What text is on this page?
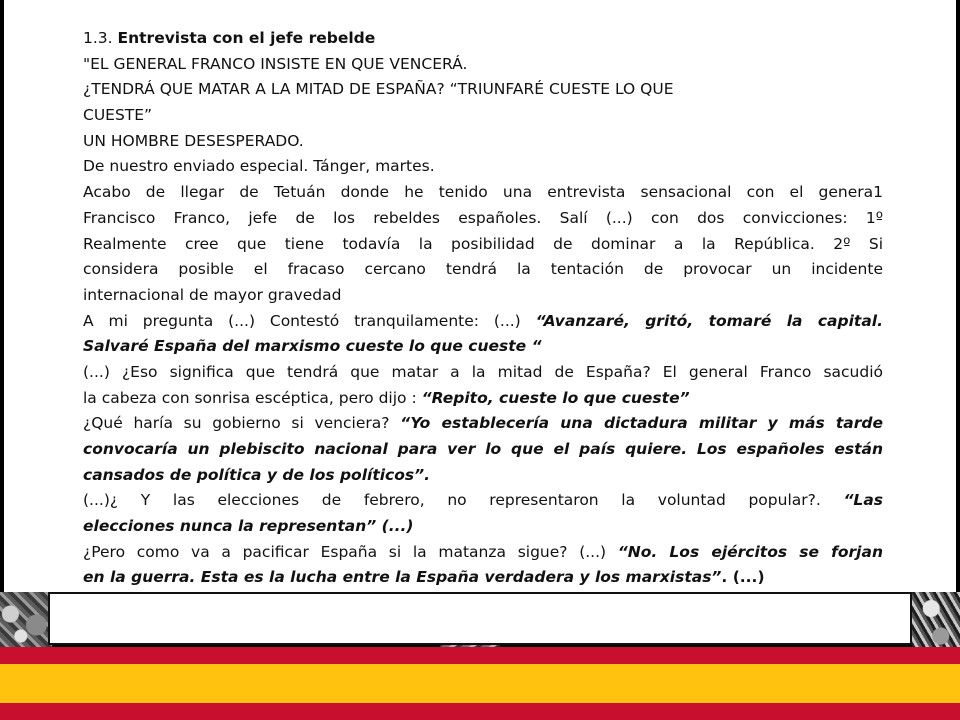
1.3. Entrevista con el jefe rebelde
"EL GENERAL FRANCO INSISTE EN QUE VENCERÁ.
¿TENDRÁ QUE MATAR A LA MITAD DE ESPAÑA? “TRIUNFARÉ CUESTE LO QUE
CUESTE”
UN HOMBRE DESESPERADO.
De nuestro enviado especial. Tánger, martes.
Acabo de llegar de Tetuán donde he tenido una entrevista sensacional con el genera1
Francisco Franco, jefe de los rebeldes españoles. Salí (...) con dos convicciones: 1º
Realmente cree que tiene todavía la posibilidad de dominar a la República. 2º Si
considera posible el fracaso cercano tendrá la tentación de provocar un incidente
internacional de mayor gravedad
A mi pregunta (...) Contestó tranquilamente: (...) “Avanzaré, gritó, tomaré la capital.
Salvaré España del marxismo cueste lo que cueste “
(...) ¿Eso significa que tendrá que matar a la mitad de España? El general Franco sacudió
la cabeza con sonrisa escéptica, pero dijo : “Repito, cueste lo que cueste”
¿Qué haría su gobierno si venciera? “Yo establecería una dictadura militar y más tarde
convocaría un plebiscito nacional para ver lo que el país quiere. Los españoles están
cansados de política y de los políticos”.
(...)¿ Y las elecciones de febrero, no representaron la voluntad popular?. “Las
elecciones nunca la representan” (...)
¿Pero como va a pacificar España si la matanza sigue? (...) “No. Los ejércitos se forjan
en la guerra. Esta es la lucha entre la España verdadera y los marxistas”. (...)
